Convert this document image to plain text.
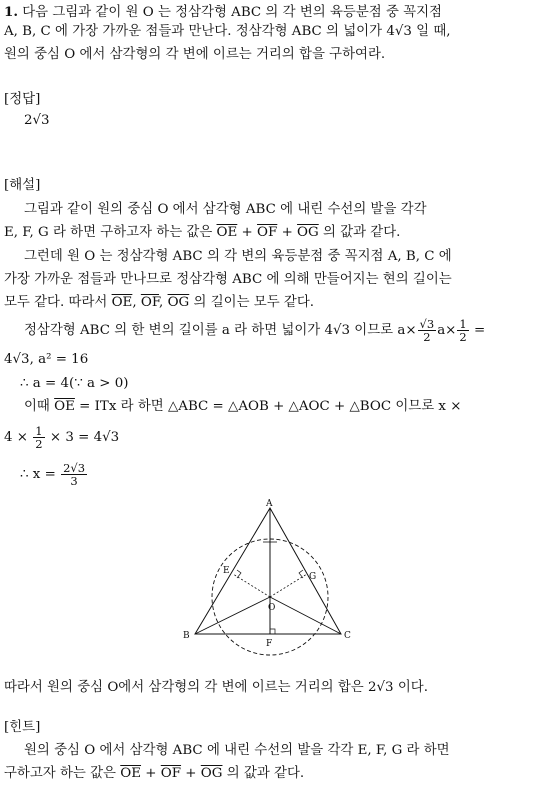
1. 다음 그림과 같이 원 O 는 정삼각형 ABC 의 각 변의 육등분점 중 꼭지점
A, B, C 에 가장 가까운 점들과 만난다. 정삼각형 ABC 의 넓이가 4√3 일 때,
원의 중심 O 에서 삼각형의 각 변에 이르는 거리의 합을 구하여라.
[정답]
2√3
[해설]
그림과 같이 원의 중심 O 에서 삼각형 ABC 에 내린 수선의 발을 각각
E, F, G 라 하면 구하고자 하는 값은 $\overline{OE} + \overline{OF} + \overline{OG}$ 의 값과 같다.
그런데 원 O 는 정삼각형 ABC 의 각 변의 육등분점 중 꼭지점 A, B, C 에
가장 가까운 점들과 만나므로 정삼각형 ABC 에 의해 만들어지는 현의 길이는
모두 같다. 따라서 $\overline{OE}$, $\overline{OF}$, $\overline{OG}$ 의 길이는 모두 같다.
정삼각형 ABC 의 한 변의 길이를 a 라 하면 넓이가 4√3 이므로 $a\times \frac{√3}{2} a\times \frac{1}{2}$ =
4√3, a² = 16
∴ a = 4(∵ a > 0)
이때 $\overline{OE}$ = ITx 라 하면 △ABC = △AOB + △AOC + △BOC 이므로 x ×
$4 \times \frac{1}{2} \times 3 = 4√3$
∴ $x = \frac{2√3}{3}$
A
B	C
O
E
G
F
따라서 원의 중심 O에서 삼각형의 각 변에 이르는 거리의 합은 2√3 이다.
[힌트]
원의 중심 O 에서 삼각형 ABC 에 내린 수선의 발을 각각 E, F, G 라 하면
구하고자 하는 값은 $\overline{OE} + \overline{OF} + \overline{OG}$ 의 값과 같다.
